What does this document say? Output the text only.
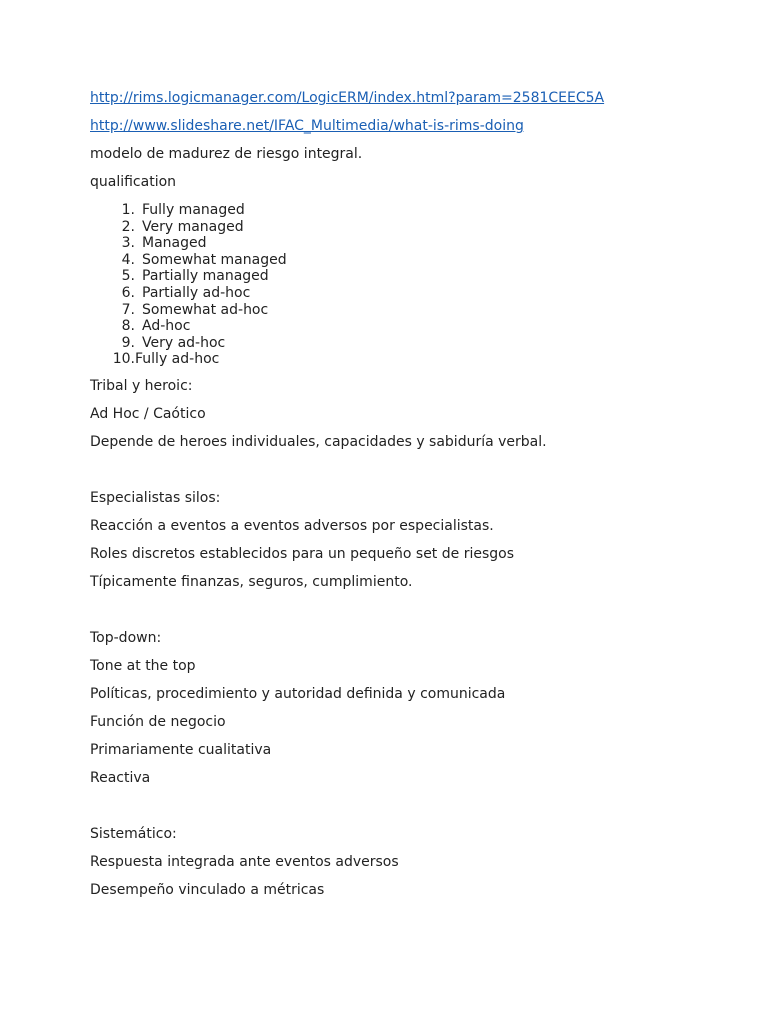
http://rims.logicmanager.com/LogicERM/index.html?param=2581CEEC5A

http://www.slideshare.net/IFAC_Multimedia/what-is-rims-doing

modelo de madurez de riesgo integral.

qualification

1. Fully managed
2. Very managed
3. Managed
4. Somewhat managed
5. Partially managed
6. Partially ad-hoc
7. Somewhat ad-hoc
8. Ad-hoc
9. Very ad-hoc
10.Fully ad-hoc

Tribal y heroic:

Ad Hoc / Caótico

Depende de heroes individuales, capacidades y sabiduría verbal.

Especialistas silos:

Reacción a eventos a eventos adversos por especialistas.

Roles discretos establecidos para un pequeño set de riesgos

Típicamente finanzas, seguros, cumplimiento.

Top-down:

Tone at the top

Políticas, procedimiento y autoridad definida y comunicada

Función de negocio

Primariamente cualitativa

Reactiva

Sistemático:

Respuesta integrada ante eventos adversos

Desempeño vinculado a métricas
